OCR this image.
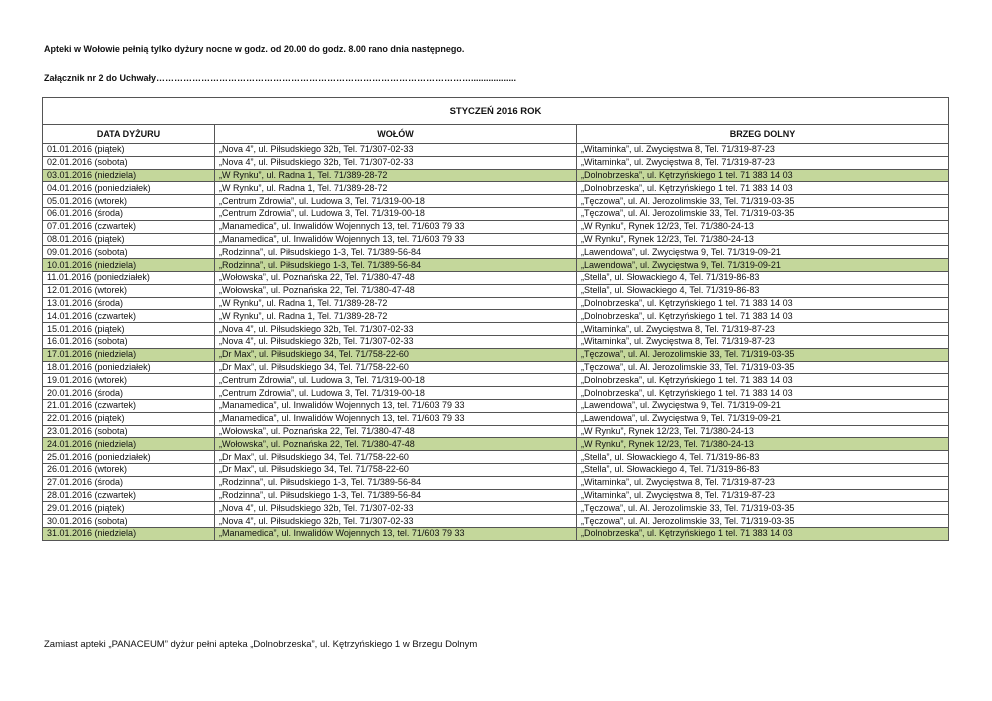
Apteki w Wołowie pełnią tylko dyżury nocne w godz. od 20.00 do godz. 8.00 rano dnia następnego.
Załącznik nr 2 do Uchwały……………………………………………………………………………………………..................
STYCZEŃ 2016 ROK		
DATA DYŻURU	WOŁÓW	BRZEG DOLNY
01.01.2016 (piątek)	„Nova 4”, ul. Piłsudskiego 32b, Tel. 71/307-02-33	„Witaminka”, ul. Zwycięstwa 8, Tel. 71/319-87-23
02.01.2016 (sobota)	„Nova 4”, ul. Piłsudskiego 32b, Tel. 71/307-02-33	„Witaminka”, ul. Zwycięstwa 8, Tel. 71/319-87-23
03.01.2016 (niedziela)	„W Rynku”, ul. Radna 1, Tel. 71/389-28-72	„Dolnobrzeska”, ul. Kętrzyńskiego 1 tel. 71 383 14 03
04.01.2016 (poniedziałek)	„W Rynku”, ul. Radna 1, Tel. 71/389-28-72	„Dolnobrzeska”, ul. Kętrzyńskiego 1 tel. 71 383 14 03
05.01.2016 (wtorek)	„Centrum Zdrowia”, ul. Ludowa 3, Tel. 71/319-00-18	„Tęczowa”, ul. Al. Jerozolimskie 33, Tel. 71/319-03-35
06.01.2016 (środa)	„Centrum Zdrowia”, ul. Ludowa 3, Tel. 71/319-00-18	„Tęczowa”, ul. Al. Jerozolimskie 33, Tel. 71/319-03-35
07.01.2016 (czwartek)	„Manamedica”, ul. Inwalidów Wojennych 13, tel. 71/603 79 33	„W Rynku”, Rynek 12/23, Tel. 71/380-24-13
08.01.2016 (piątek)	„Manamedica”, ul. Inwalidów Wojennych 13, tel. 71/603 79 33	„W Rynku”, Rynek 12/23, Tel. 71/380-24-13
09.01.2016 (sobota)	„Rodzinna”, ul. Piłsudskiego 1-3, Tel. 71/389-56-84	„Lawendowa”, ul. Zwycięstwa 9, Tel. 71/319-09-21
10.01.2016 (niedziela)	„Rodzinna”, ul. Piłsudskiego 1-3, Tel. 71/389-56-84	„Lawendowa”, ul. Zwycięstwa 9, Tel. 71/319-09-21
11.01.2016 (poniedziałek)	„Wołowska”, ul. Poznańska 22, Tel. 71/380-47-48	„Stella”, ul. Słowackiego 4, Tel. 71/319-86-83
12.01.2016 (wtorek)	„Wołowska”, ul. Poznańska 22, Tel. 71/380-47-48	„Stella”, ul. Słowackiego 4, Tel. 71/319-86-83
13.01.2016 (środa)	„W Rynku”, ul. Radna 1, Tel. 71/389-28-72	„Dolnobrzeska”, ul. Kętrzyńskiego 1 tel. 71 383 14 03
14.01.2016 (czwartek)	„W Rynku”, ul. Radna 1, Tel. 71/389-28-72	„Dolnobrzeska”, ul. Kętrzyńskiego 1 tel. 71 383 14 03
15.01.2016 (piątek)	„Nova 4”, ul. Piłsudskiego 32b, Tel. 71/307-02-33	„Witaminka”, ul. Zwycięstwa 8, Tel. 71/319-87-23
16.01.2016 (sobota)	„Nova 4”, ul. Piłsudskiego 32b, Tel. 71/307-02-33	„Witaminka”, ul. Zwycięstwa 8, Tel. 71/319-87-23
17.01.2016 (niedziela)	„Dr Max”, ul. Piłsudskiego 34, Tel. 71/758-22-60	„Tęczowa”, ul. Al. Jerozolimskie 33, Tel. 71/319-03-35
18.01.2016 (poniedziałek)	„Dr Max”, ul. Piłsudskiego 34, Tel. 71/758-22-60	„Tęczowa”, ul. Al. Jerozolimskie 33, Tel. 71/319-03-35
19.01.2016 (wtorek)	„Centrum Zdrowia”, ul. Ludowa 3, Tel. 71/319-00-18	„Dolnobrzeska”, ul. Kętrzyńskiego 1 tel. 71 383 14 03
20.01.2016 (środa)	„Centrum Zdrowia”, ul. Ludowa 3, Tel. 71/319-00-18	„Dolnobrzeska”, ul. Kętrzyńskiego 1 tel. 71 383 14 03
21.01.2016 (czwartek)	„Manamedica”, ul. Inwalidów Wojennych 13, tel. 71/603 79 33	„Lawendowa”, ul. Zwycięstwa 9, Tel. 71/319-09-21
22.01.2016 (piątek)	„Manamedica”, ul. Inwalidów Wojennych 13, tel. 71/603 79 33	„Lawendowa”, ul. Zwycięstwa 9, Tel. 71/319-09-21
23.01.2016 (sobota)	„Wołowska”, ul. Poznańska 22, Tel. 71/380-47-48	„W Rynku”, Rynek 12/23, Tel. 71/380-24-13
24.01.2016 (niedziela)	„Wołowska”, ul. Poznańska 22, Tel. 71/380-47-48	„W Rynku”, Rynek 12/23, Tel. 71/380-24-13
25.01.2016 (poniedziałek)	„Dr Max”, ul. Piłsudskiego 34, Tel. 71/758-22-60	„Stella”, ul. Słowackiego 4, Tel. 71/319-86-83
26.01.2016 (wtorek)	„Dr Max”, ul. Piłsudskiego 34, Tel. 71/758-22-60	„Stella”, ul. Słowackiego 4, Tel. 71/319-86-83
27.01.2016 (środa)	„Rodzinna”, ul. Piłsudskiego 1-3, Tel. 71/389-56-84	„Witaminka”, ul. Zwycięstwa 8, Tel. 71/319-87-23
28.01.2016 (czwartek)	„Rodzinna”, ul. Piłsudskiego 1-3, Tel. 71/389-56-84	„Witaminka”, ul. Zwycięstwa 8, Tel. 71/319-87-23
29.01.2016 (piątek)	„Nova 4”, ul. Piłsudskiego 32b, Tel. 71/307-02-33	„Tęczowa”, ul. Al. Jerozolimskie 33, Tel. 71/319-03-35
30.01.2016 (sobota)	„Nova 4”, ul. Piłsudskiego 32b, Tel. 71/307-02-33	„Tęczowa”, ul. Al. Jerozolimskie 33, Tel. 71/319-03-35
31.01.2016 (niedziela)	„Manamedica”, ul. Inwalidów Wojennych 13, tel. 71/603 79 33	„Dolnobrzeska”, ul. Kętrzyńskiego 1 tel. 71 383 14 03
Zamiast apteki „PANACEUM” dyżur pełni apteka „Dolnobrzeska”, ul. Kętrzyńskiego 1 w Brzegu Dolnym
